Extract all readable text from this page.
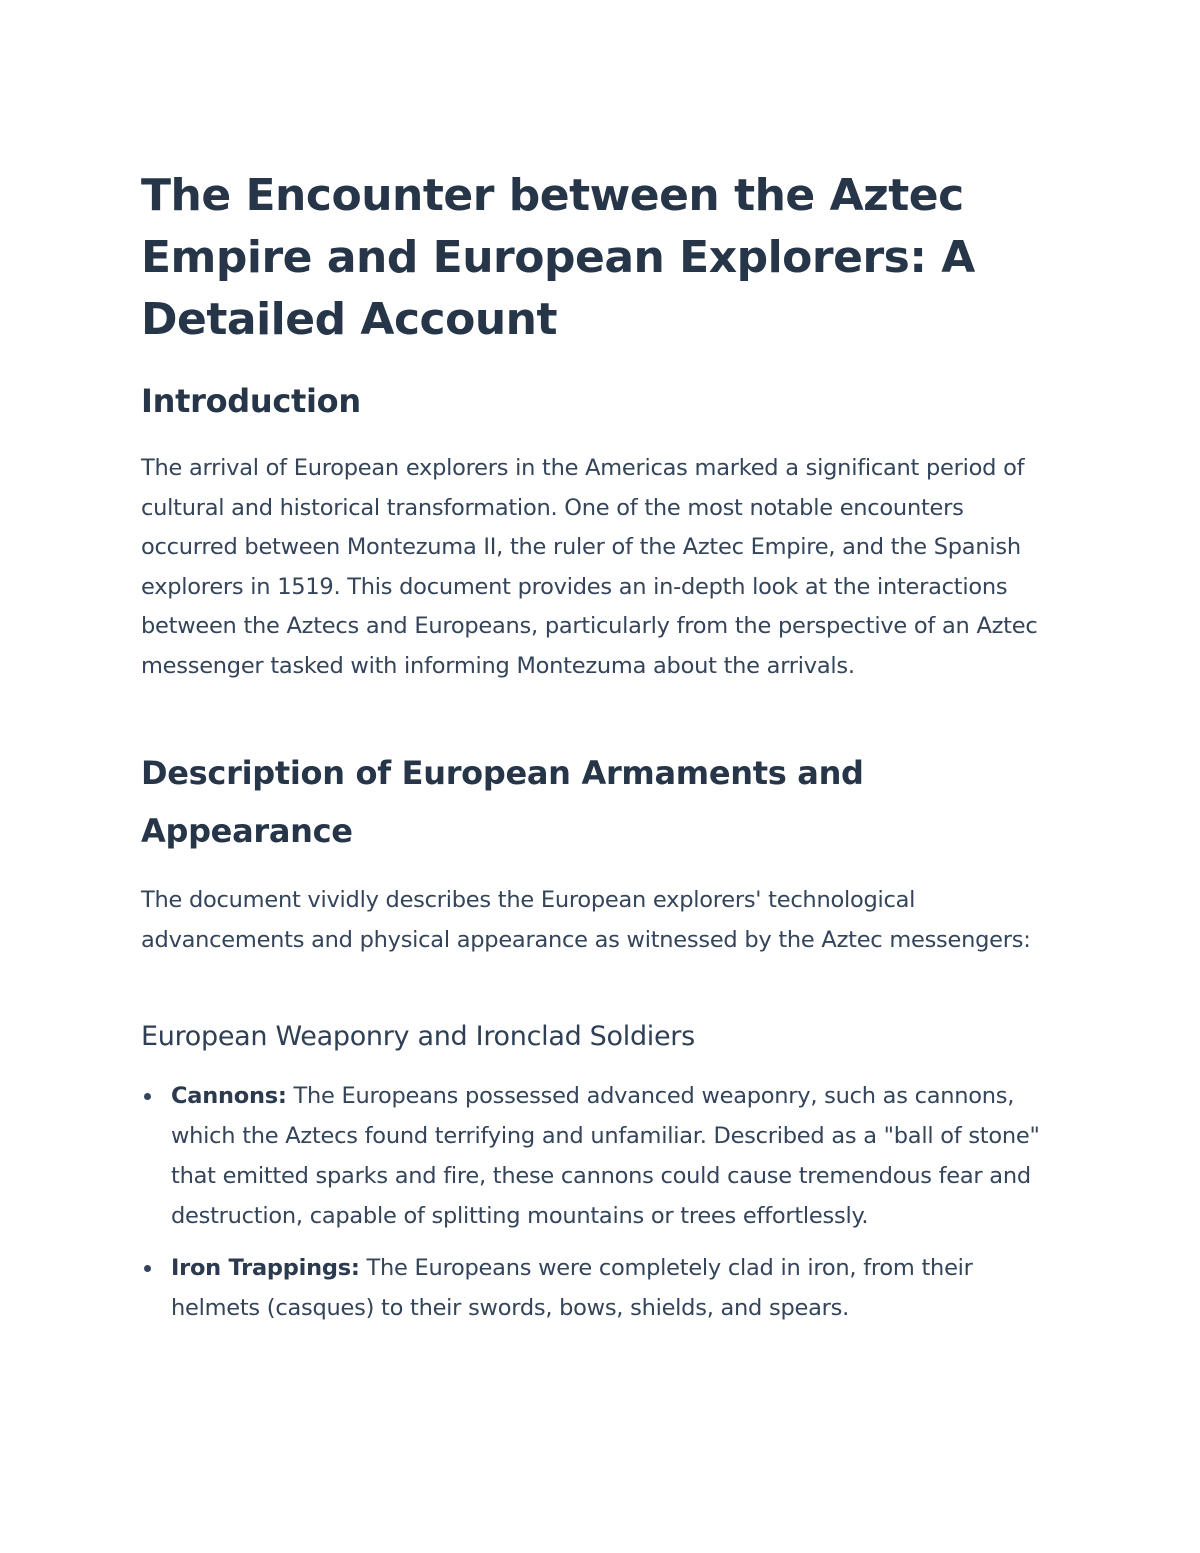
The Encounter between the Aztec Empire and European Explorers: A Detailed Account
Introduction

The arrival of European explorers in the Americas marked a significant period of cultural and historical transformation. One of the most notable encounters occurred between Montezuma II, the ruler of the Aztec Empire, and the Spanish explorers in 1519. This document provides an in-depth look at the interactions between the Aztecs and Europeans, particularly from the perspective of an Aztec messenger tasked with informing Montezuma about the arrivals.

Description of European Armaments and Appearance

The document vividly describes the European explorers' technological advancements and physical appearance as witnessed by the Aztec messengers:

European Weaponry and Ironclad Soldiers
Cannons: The Europeans possessed advanced weaponry, such as cannons, which the Aztecs found terrifying and unfamiliar. Described as a "ball of stone" that emitted sparks and fire, these cannons could cause tremendous fear and destruction, capable of splitting mountains or trees effortlessly.
Iron Trappings: The Europeans were completely clad in iron, from their helmets (casques) to their swords, bows, shields, and spears.
